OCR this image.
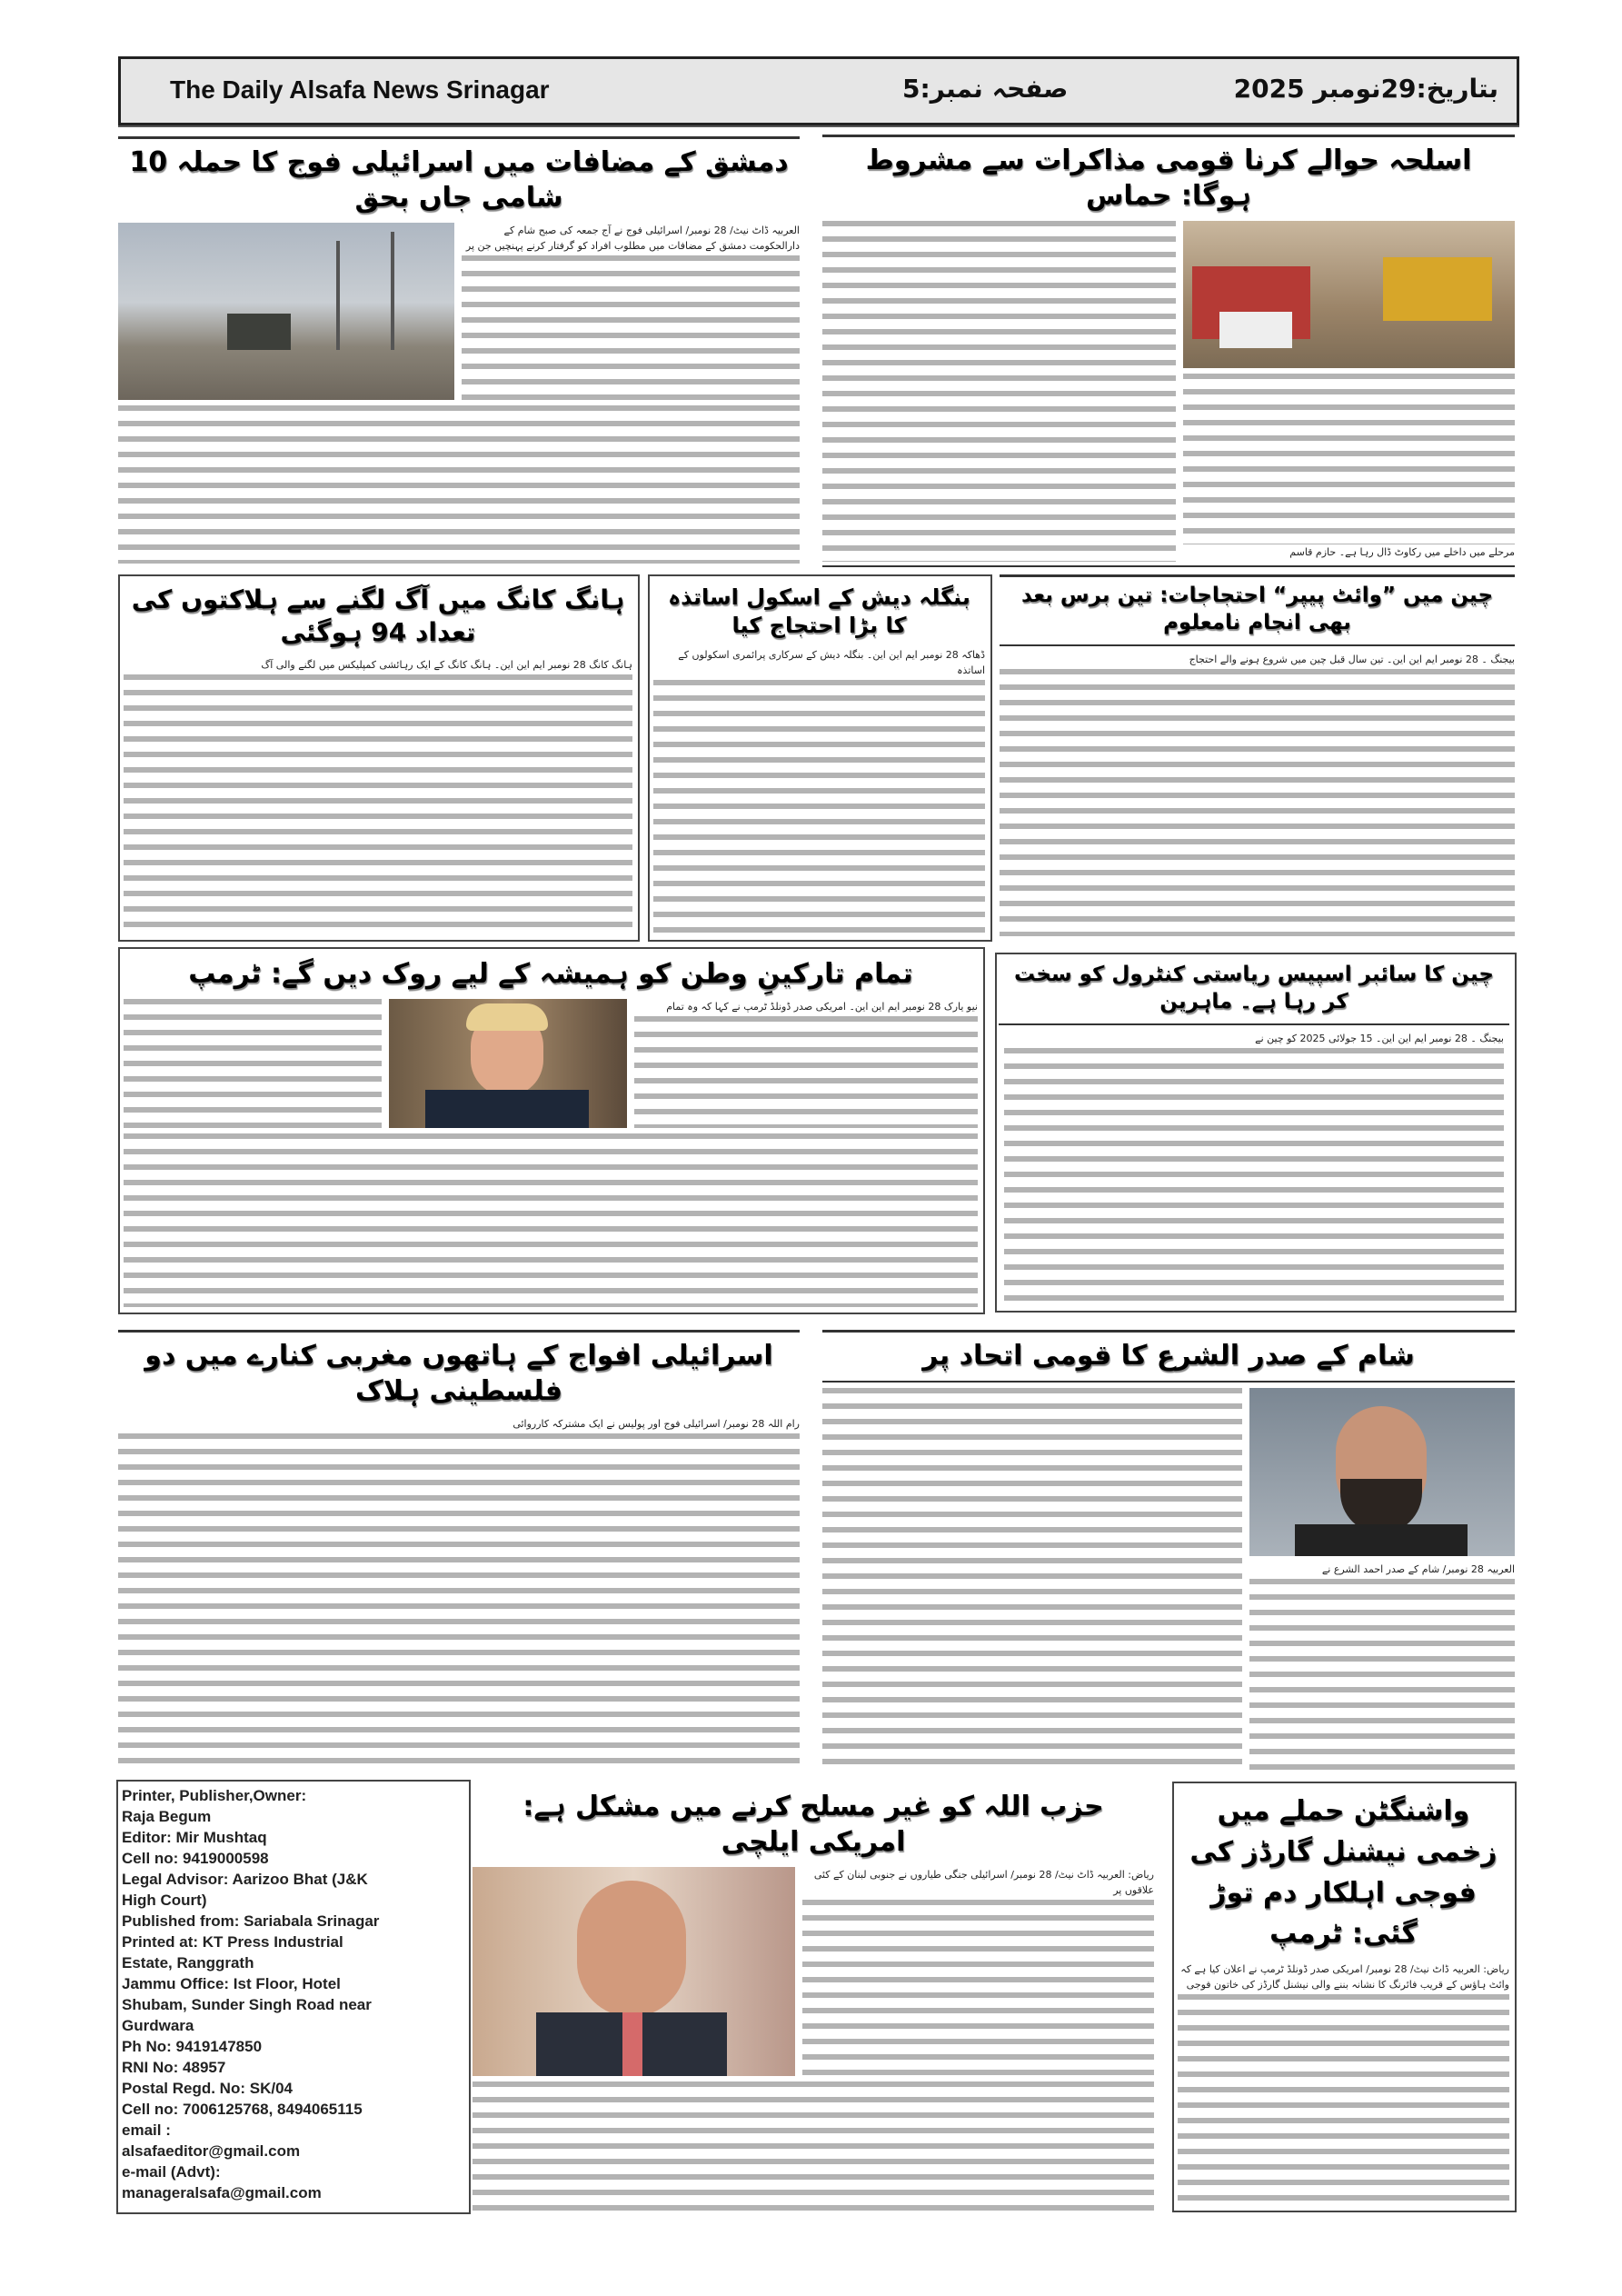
The Daily Alsafa News Srinagar	صفحہ نمبر:5	بتاریخ:29نومبر 2025
دمشق کے مضافات میں اسرائیلی فوج کا حملہ 10 شامی جاں بحق
العربیہ ڈاٹ نیٹ/ 28 نومبر/ اسرائیلی فوج نے آج جمعہ کی صبح شام کے دارالحکومت دمشق کے مضافات میں مطلوب افراد کو گرفتار کرنے پہنچیں جن پر
اسلحہ حوالے کرنا قومی مذاکرات سے مشروط ہوگا: حماس
مرحلے میں داخلے میں رکاوٹ ڈال رہا ہے۔ حازم قاسم
ہانگ کانگ میں آگ لگنے سے ہلاکتوں کی تعداد 94 ہوگئی
ہانگ کانگ 28 نومبر ایم این این۔ ہانگ کانگ کے ایک رہائشی کمپلیکس میں لگنے والی آگ
بنگلہ دیش کے اسکول اساتذہ کا بڑا احتجاج کیا
ڈھاکہ 28 نومبر ایم این این۔ بنگلہ دیش کے سرکاری پرائمری اسکولوں کے اساتذہ
چین میں ”وائٹ پیپر“ احتجاجات: تین برس بعد بھی انجام نامعلوم
بیجنگ ۔ 28 نومبر ایم این این۔ تین سال قبل چین میں شروع ہونے والے احتجاج
تمام تارکینِ وطن کو ہمیشہ کے لیے روک دیں گے: ٹرمپ
نیو یارک 28 نومبر ایم این این۔ امریکی صدر ڈونلڈ ٹرمپ نے کہا کہ وہ تمام
چین کا سائبر اسپیس ریاستی کنٹرول کو سخت کر رہا ہے۔ ماہرین
بیجنگ ۔ 28 نومبر ایم این این۔ 15 جولائی 2025 کو چین نے
اسرائیلی افواج کے ہاتھوں مغربی کنارے میں دو فلسطینی ہلاک
رام اللہ 28 نومبر/ اسرائیلی فوج اور پولیس نے ایک مشترکہ کارروائی
شام کے صدر الشرع کا قومی اتحاد پر
العربیہ 28 نومبر/ شام کے صدر احمد الشرع نے
Printer, Publisher,Owner:
Raja Begum
Editor: Mir Mushtaq
Cell no: 9419000598
Legal Advisor: Aarizoo Bhat (J&K
High Court)
Published from: Sariabala Srinagar
Printed at: KT Press Industrial
Estate, Ranggrath
Jammu Office: Ist Floor, Hotel
Shubam, Sunder Singh Road near
Gurdwara
Ph No: 9419147850
RNI No: 48957
Postal Regd. No: SK/04
Cell no: 7006125768, 8494065115
email :
alsafaeditor@gmail.com
e-mail (Advt):
manageralsafa@gmail.com
حزب اللہ کو غیر مسلح کرنے میں مشکل ہے: امریکی ایلچی
ریاض: العربیہ ڈاٹ نیٹ/ 28 نومبر/ اسرائیلی جنگی طیاروں نے جنوبی لبنان کے کئی علاقوں پر
واشنگٹن حملے میں زخمی نیشنل گارڈز کی فوجی اہلکار دم توڑ گئی: ٹرمپ
ریاض: العربیہ ڈاٹ نیٹ/ 28 نومبر/ امریکی صدر ڈونلڈ ٹرمپ نے اعلان کیا ہے کہ وائٹ ہاؤس کے قریب فائرنگ کا نشانہ بننے والی نیشنل گارڈز کی خاتون فوجی
